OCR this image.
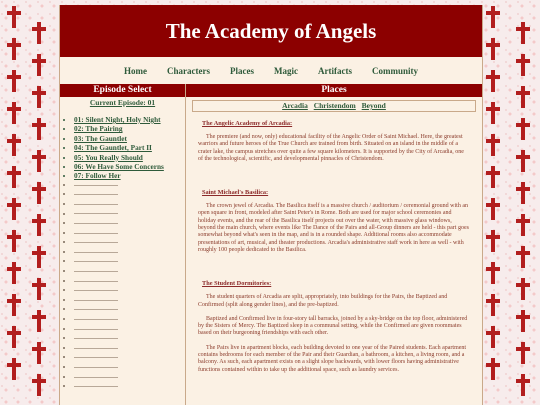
The Academy of Angels
Home Characters Places Magic Artifacts Community
Episode Select
Current Episode: 01
• 01: Silent Night, Holy Night
• 02: The Pairing
• 03: The Gauntlet
• 04: The Gauntlet, Part II
• 05: You Really Should
• 06: We Have Some Concerns
• 07: Follow Her
•
•
•
•
•
•
•
•
•
•
•
•
•
•
•
•
•
•
•
•
•
•
Places
Arcadia Christendom Beyond
The Angelic Academy of Arcadia:

The premiere (and now, only) educational facility of the Angelic Order of Saint Michael. Here, the greatest warriors and future heroes of the True Church are trained from birth. Situated on an island in the middle of a crater lake, the campus stretches over quite a few square kilometers. It is supported by the City of Arcadia, one of the technological, scientific, and developmental pinnacles of Christendom.

Saint Michael's Basilica:

The crown jewel of Arcadia. The Basilica itself is a massive church / auditorium / ceremonial ground with an open square in front, modeled after Saint Peter's in Rome. Both are used for major school ceremonies and holiday events, and the rear of the Basilica itself projects out over the water, with massive glass windows, beyond the main church, where events like The Dance of the Pairs and all-Group dinners are held - this part goes somewhat beyond what's seen in the map, and is in a rounded shape. Additional rooms also accommodate presentations of art, musical, and theater productions. Arcadia's administrative staff work in here as well - with roughly 100 people dedicated to the Basilica.

The Student Dormitories:

The student quarters of Arcadia are split, appropriately, into buildings for the Pairs, the Baptized and Confirmed (split along gender lines), and the pre-baptized.

Baptized and Confirmed live in four-story tall barracks, joined by a sky-bridge on the top floor, administered by the Sisters of Mercy. The Baptized sleep in a communal setting, while the Confirmed are given roommates based on their burgeoning friendships with each other.

The Pairs live in apartment blocks, each building devoted to one year of the Paired students. Each apartment contains bedrooms for each member of the Pair and their Guardian, a bathroom, a kitchen, a living room, and a balcony. As such, each apartment exists on a slight slope backwards, with lower floors having administrative functions contained within to take up the additional space, such as laundry services.
